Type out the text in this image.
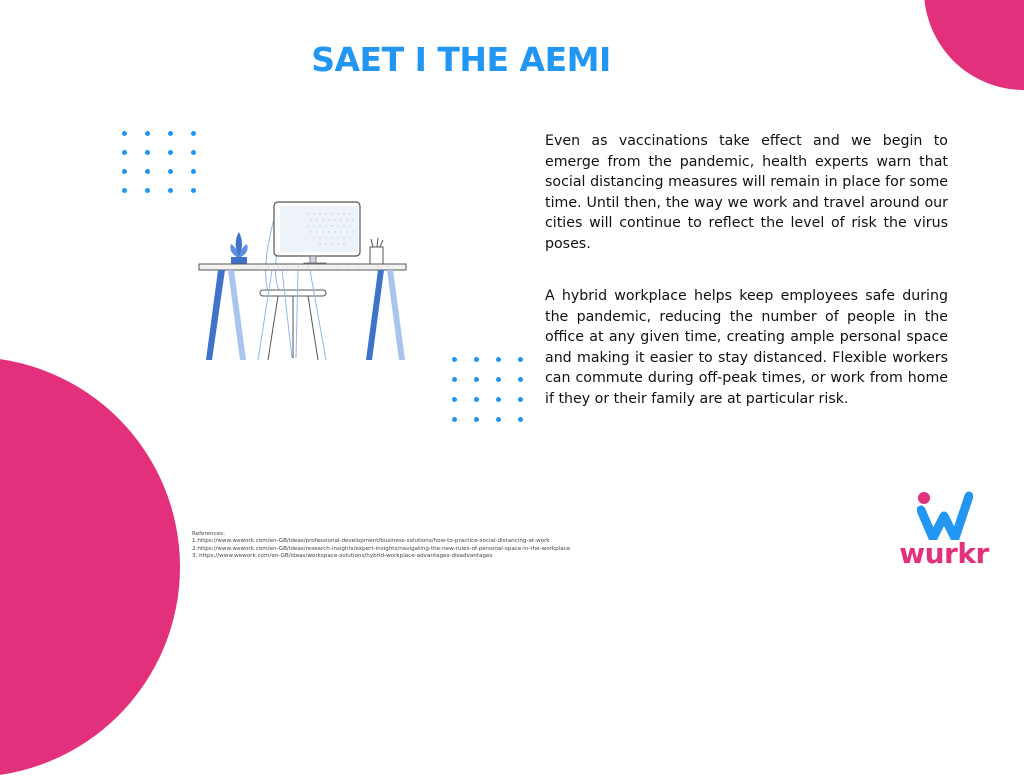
SAET I THE AEMI

Even as vaccinations take effect and we begin to emerge from the pandemic, health experts warn that social distancing measures will remain in place for some time. Until then, the way we work and travel around our cities will continue to reflect the level of risk the virus poses.

A hybrid workplace helps keep employees safe during the pandemic, reducing the number of people in the office at any given time, creating ample personal space and making it easier to stay distanced. Flexible workers can commute during off-peak times, or work from home if they or their family are at particular risk.

References:
1.https://www.wework.com/en-GB/ideas/professional-development/business-solutions/how-to-practice-social-distancing-at-work
2.https://www.wework.com/en-GB/ideas/research-insights/expert-insights/navigating-the-new-rules-of-personal-space-in-the-workplace
3. https://www.wework.com/en-GB/ideas/workspace-solutions/hybrid-workplace-advantages-disadvantages	wurkr
